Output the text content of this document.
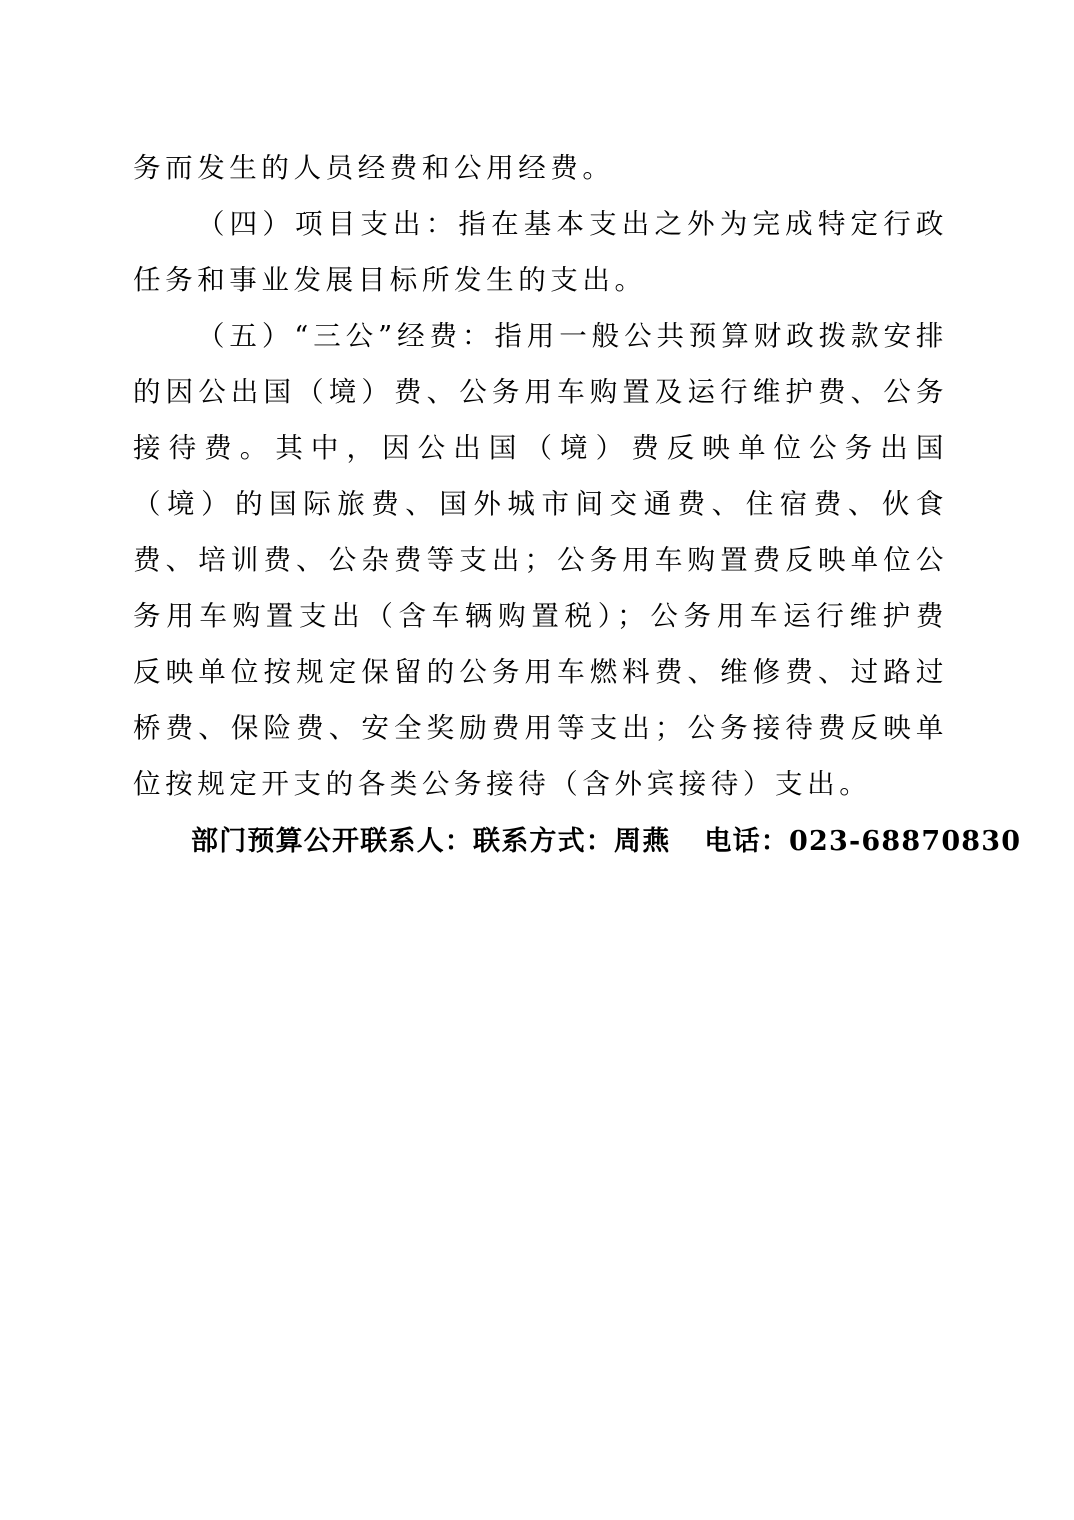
务而发生的人员经费和公用经费。

（四）项目支出：指在基本支出之外为完成特定行政任务和事业发展目标所发生的支出。

（五）“三公”经费：指用一般公共预算财政拨款安排的因公出国（境）费、公务用车购置及运行维护费、公务接待费。其中，因公出国（境）费反映单位公务出国（境）的国际旅费、国外城市间交通费、住宿费、伙食费、培训费、公杂费等支出；公务用车购置费反映单位公务用车购置支出（含车辆购置税）；公务用车运行维护费反映单位按规定保留的公务用车燃料费、维修费、过路过桥费、保险费、安全奖励费用等支出；公务接待费反映单位按规定开支的各类公务接待（含外宾接待）支出。

部门预算公开联系人：联系方式：周燕 电话：023-68870830
